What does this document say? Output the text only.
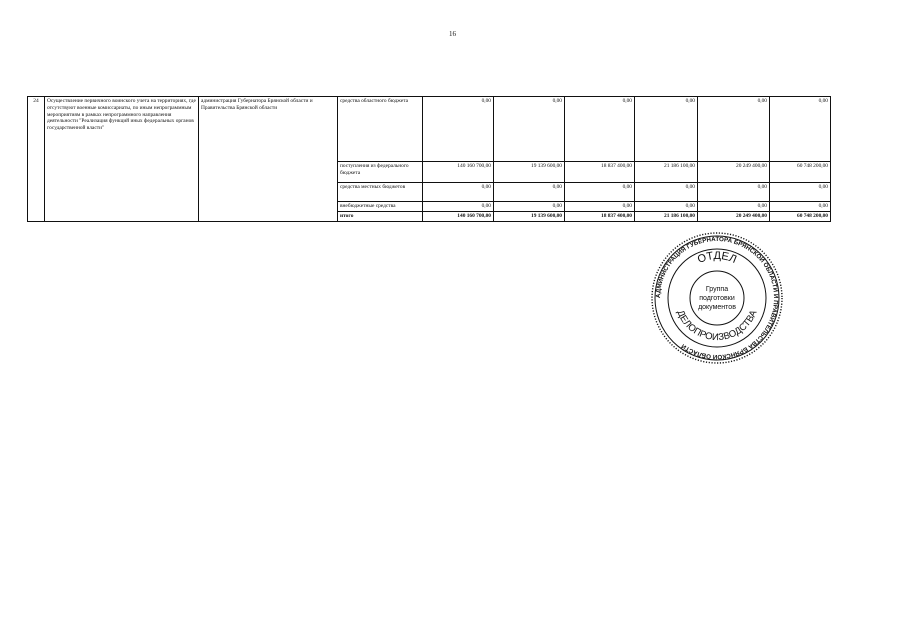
16
24	Осуществление первичного воинского учета на территориях, где отсутствуют военные комиссариаты, по иным непрограммным мероприятиям в рамках непрограммного направления деятельности "Реализация функций иных федеральных органов государственной власти"	администрация Губернатора Брянской области и Правительства Брянской области	средства областного бюджета	0,00	0,00	0,00	0,00	0,00	0,00
			поступления из федерального бюджета	140 160 700,00	19 139 600,00	18 837 400,00	21 186 100,00	20 249 400,00	60 748 200,00
			средства местных бюджетов	0,00	0,00	0,00	0,00	0,00	0,00
			внебюджетные средства	0,00	0,00	0,00	0,00	0,00	0,00
			итого	140 160 700,00	19 139 600,00	18 837 400,00	21 186 100,00	20 249 400,00	60 748 200,00
АДМИНИСТРАЦИЯ ГУБЕРНАТОРА БРЯНСКОЙ ОБЛАСТИ И ПРАВИТЕЛЬСТВА БРЯНСКОЙ ОБЛАСТИ
ОТДЕЛ
ДЕЛОПРОИЗВОДСТВА
Группа
подготовки
документов
